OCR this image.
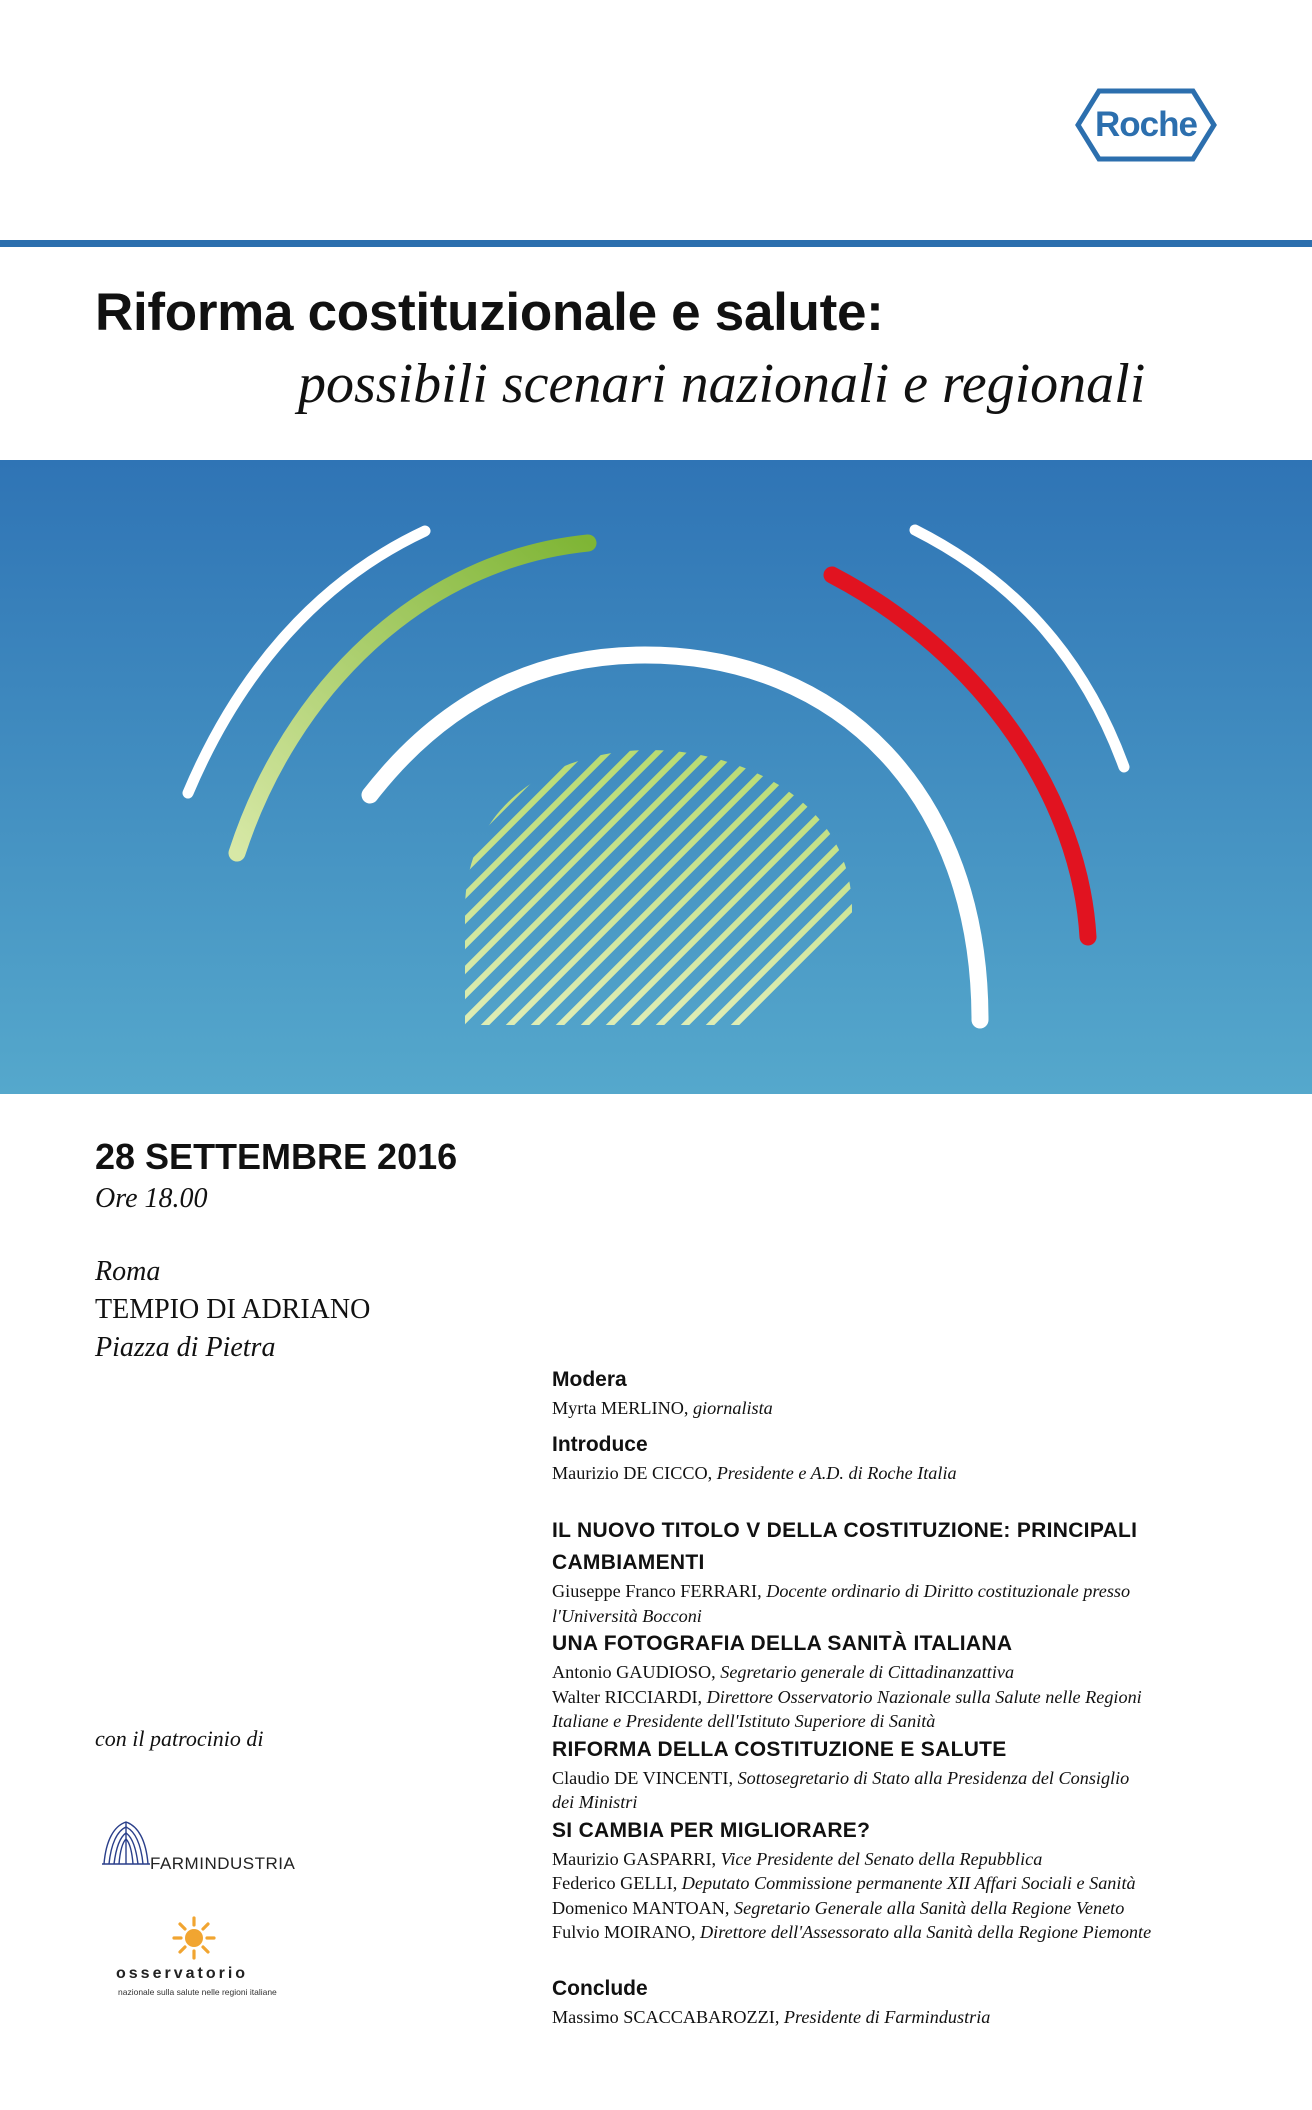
Roche
Riforma costituzionale e salute:
possibili scenari nazionali e regionali
28 SETTEMBRE 2016
Ore 18.00
Roma
TEMPIO DI ADRIANO
Piazza di Pietra
con il patrocinio di
FARMINDUSTRIA
osservatorio
nazionale sulla salute nelle regioni italiane
Modera
Myrta MERLINO, giornalista
Introduce
Maurizio DE CICCO, Presidente e A.D. di Roche Italia
IL NUOVO TITOLO V DELLA COSTITUZIONE: PRINCIPALI
CAMBIAMENTI
Giuseppe Franco FERRARI, Docente ordinario di Diritto costituzionale presso
l'Università Bocconi
UNA FOTOGRAFIA DELLA SANITÀ ITALIANA
Antonio GAUDIOSO, Segretario generale di Cittadinanzattiva
Walter RICCIARDI, Direttore Osservatorio Nazionale sulla Salute nelle Regioni
Italiane e Presidente dell'Istituto Superiore di Sanità
RIFORMA DELLA COSTITUZIONE E SALUTE
Claudio DE VINCENTI, Sottosegretario di Stato alla Presidenza del Consiglio
dei Ministri
SI CAMBIA PER MIGLIORARE?
Maurizio GASPARRI, Vice Presidente del Senato della Repubblica
Federico GELLI, Deputato Commissione permanente XII Affari Sociali e Sanità
Domenico MANTOAN, Segretario Generale alla Sanità della Regione Veneto
Fulvio MOIRANO, Direttore dell'Assessorato alla Sanità della Regione Piemonte
Conclude
Massimo SCACCABAROZZI, Presidente di Farmindustria
